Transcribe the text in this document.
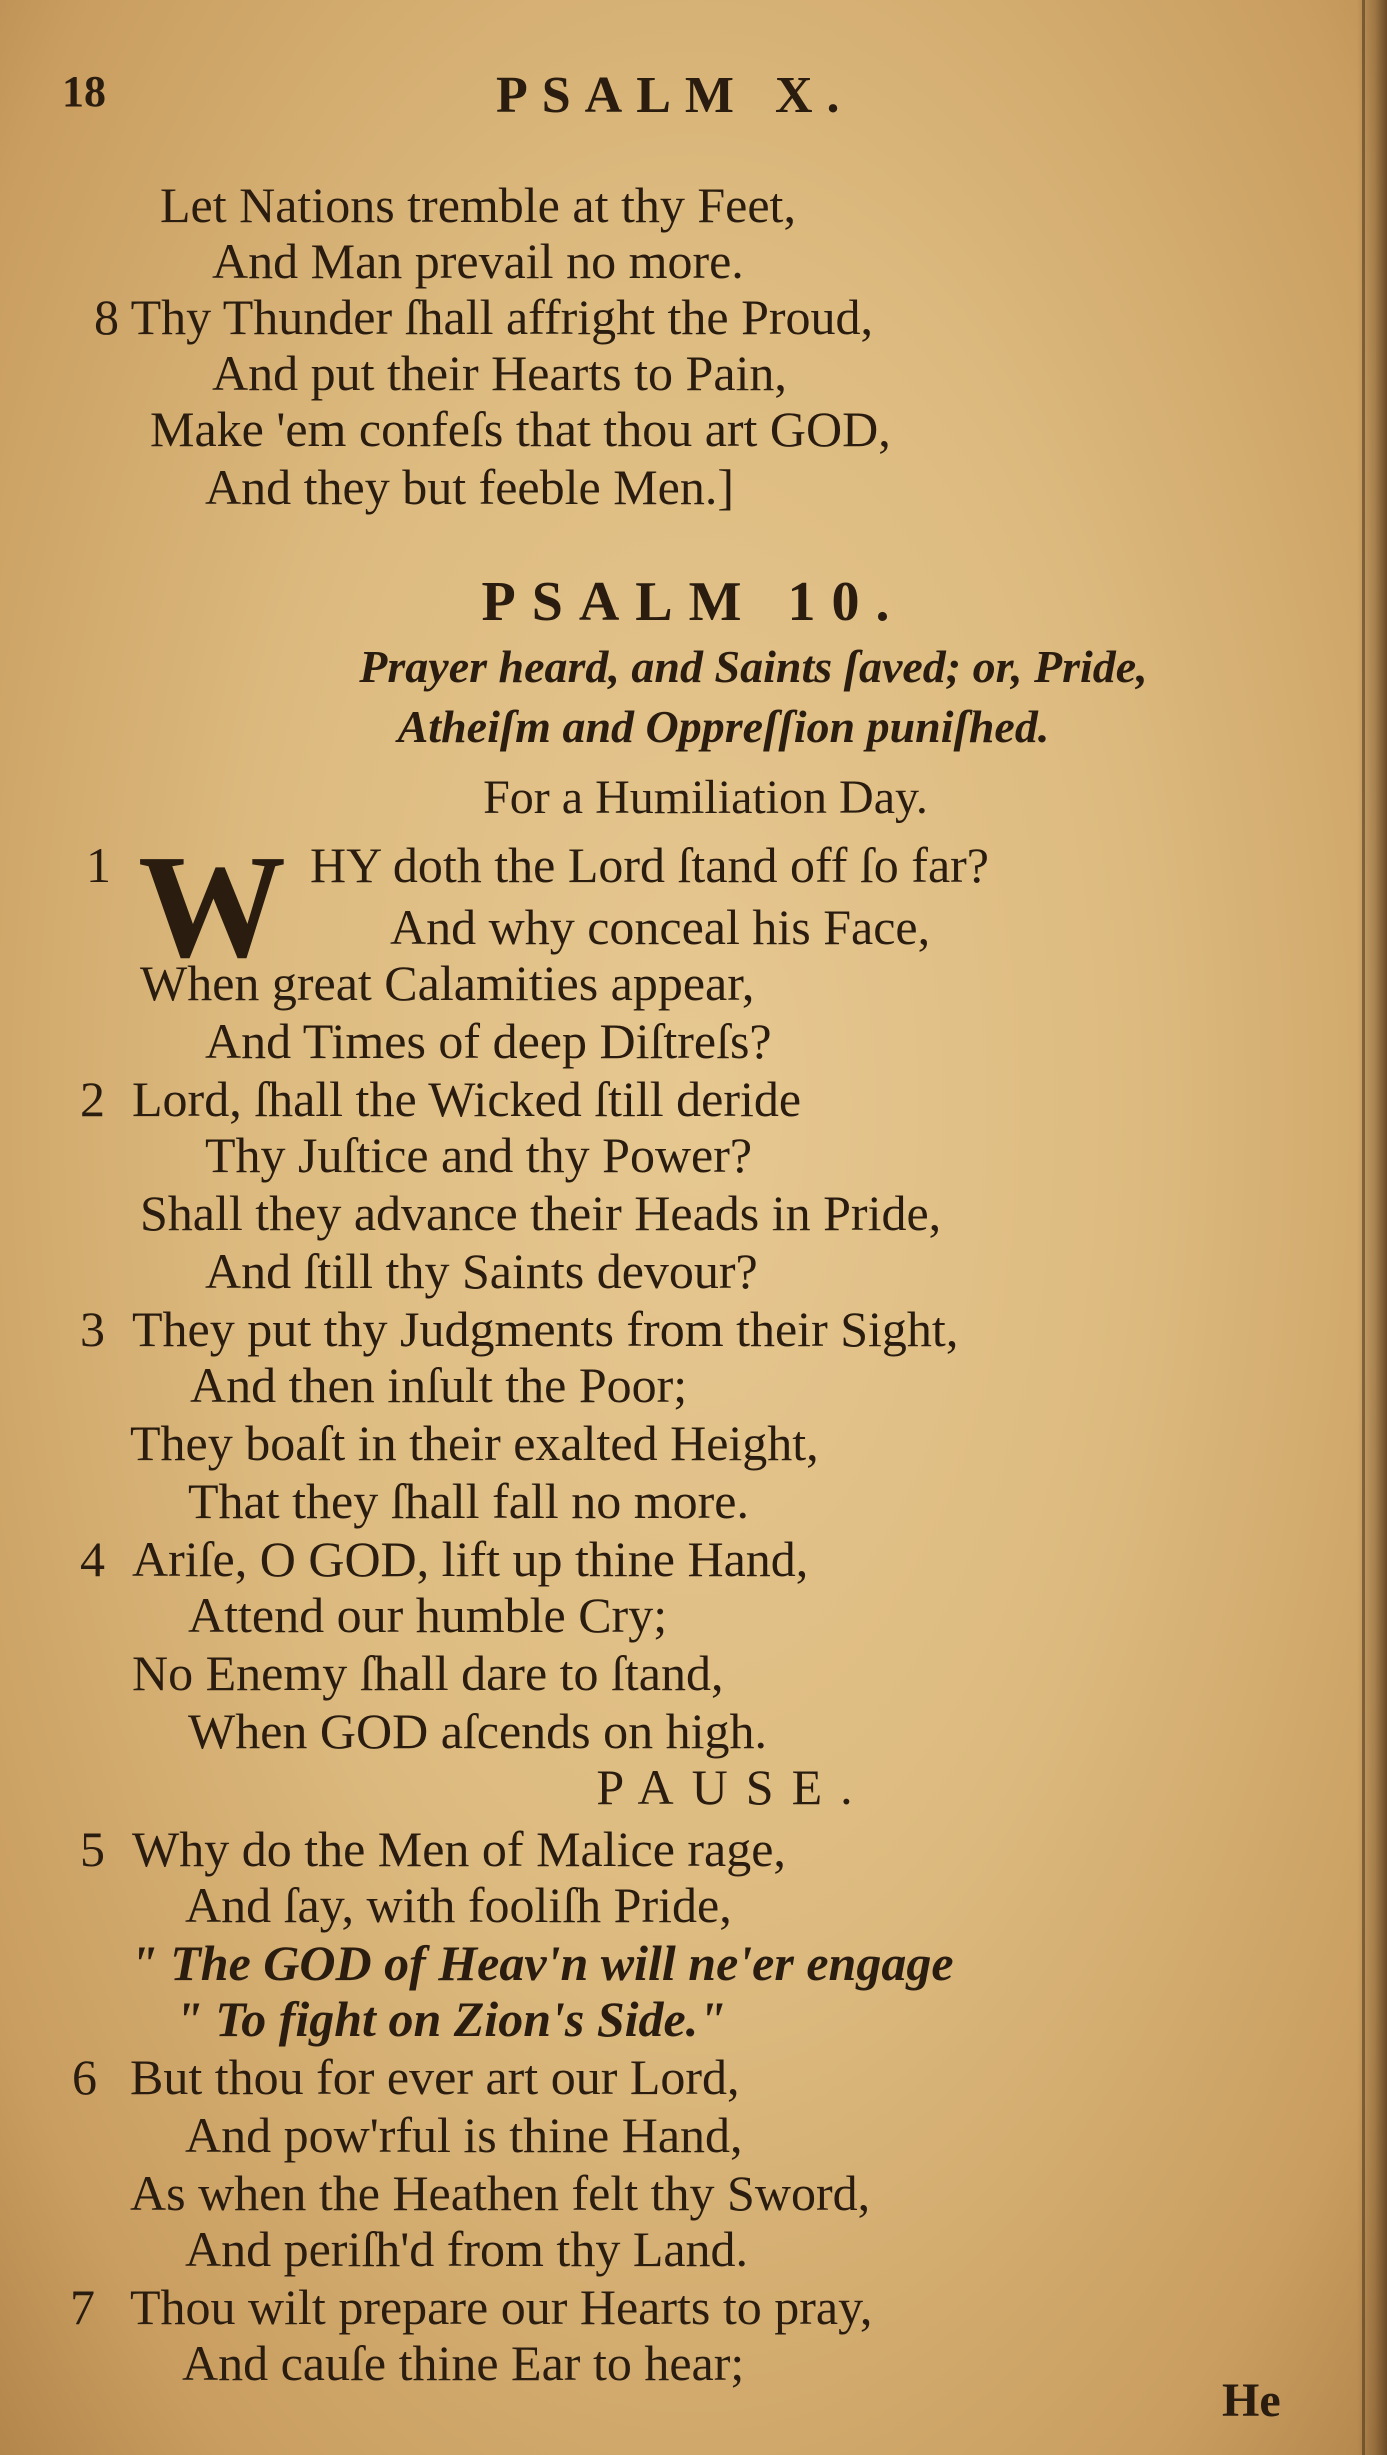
18	PSALM X.
Let Nations tremble at thy Feet,
And Man prevail no more.
8 Thy Thunder ſhall affright the Proud,
And put their Hearts to Pain,
Make 'em confeſs that thou art GOD,
And they but feeble Men.]
PSALM 10.
Prayer heard, and Saints ſaved; or, Pride,
Atheiſm and Oppreſſion puniſhed.
For a Humiliation Day.
W
1
2
3
4
5
6
7
HY doth the Lord ſtand off ſo far?
And why conceal his Face,
When great Calamities appear,
And Times of deep Diſtreſs?
Lord, ſhall the Wicked ſtill deride
Thy Juſtice and thy Power?
Shall they advance their Heads in Pride,
And ſtill thy Saints devour?
They put thy Judgments from their Sight,
And then inſult the Poor;
They boaſt in their exalted Height,
That they ſhall fall no more.
Ariſe, O GOD, lift up thine Hand,
Attend our humble Cry;
No Enemy ſhall dare to ſtand,
When GOD aſcends on high.
PAUSE.
Why do the Men of Malice rage,
And ſay, with fooliſh Pride,
" The GOD of Heav'n will ne'er engage
" To fight on Zion's Side."
But thou for ever art our Lord,
And pow'rful is thine Hand,
As when the Heathen felt thy Sword,
And periſh'd from thy Land.
Thou wilt prepare our Hearts to pray,
And cauſe thine Ear to hear;
He
